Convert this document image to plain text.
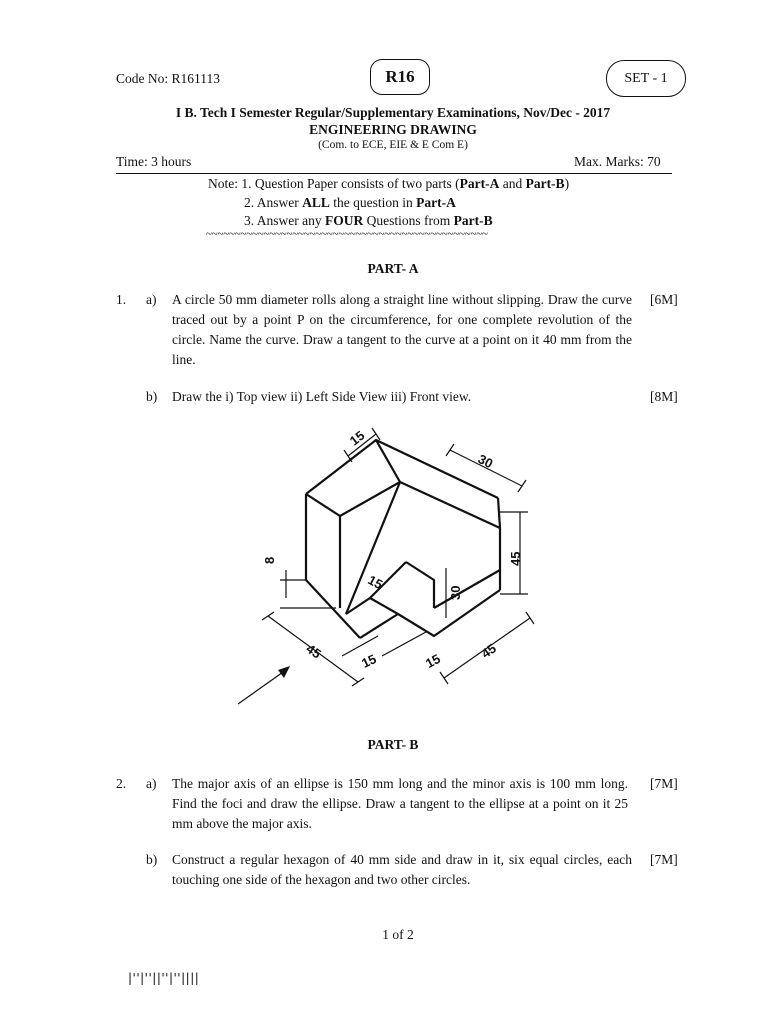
Code No: R161113	R16	SET - 1
I B. Tech I Semester Regular/Supplementary Examinations, Nov/Dec - 2017
ENGINEERING DRAWING
(Com. to ECE, EIE & E Com E)
Time: 3 hours	Max. Marks: 70
Note: 1. Question Paper consists of two parts (Part-A and Part-B)
2. Answer ALL the question in Part-A
3. Answer any FOUR Questions from Part-B
~~~~~~~~~~~~~~~~~~~~~~~~~~~~~~~~~~~~~~~~~~~~~~~~~
PART- A
1. a) A circle 50 mm diameter rolls along a straight line without slipping. Draw the curve traced out by a point P on the circumference, for one complete revolution of the circle. Name the curve. Draw a tangent to the curve at a point on it 40 mm from the line.
[6M]
b) Draw the i) Top view ii) Left Side View iii) Front view.	[8M]
15
30
8
15
30
45
45	15	15	45
PART- B
2. a) The major axis of an ellipse is 150 mm long and the minor axis is 100 mm long. Find the foci and draw the ellipse. Draw a tangent to the ellipse at a point on it 25 mm above the major axis.
[7M]
b) Construct a regular hexagon of 40 mm side and draw in it, six equal circles, each touching one side of the hexagon and two other circles.
[7M]
1 of 2
|''|''||''|''||||
